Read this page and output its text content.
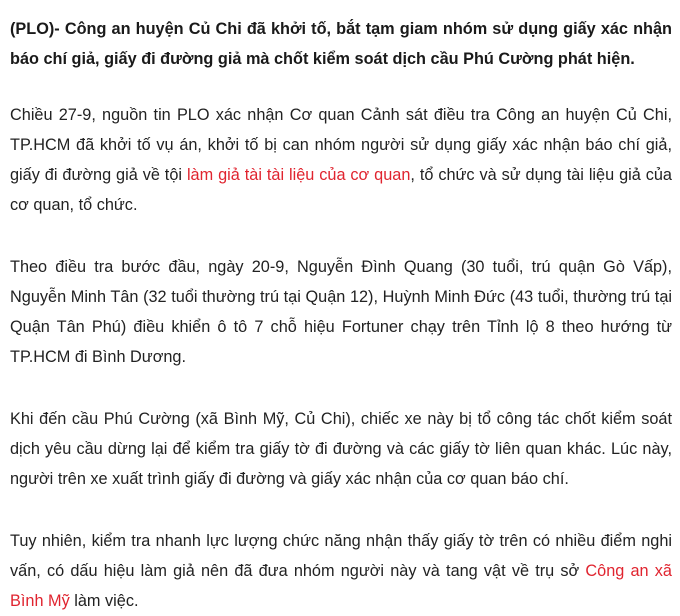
(PLO)- Công an huyện Củ Chi đã khởi tố, bắt tạm giam nhóm sử dụng giấy xác nhận báo chí giả, giấy đi đường giả mà chốt kiểm soát dịch cầu Phú Cường phát hiện.

Chiều 27-9, nguồn tin PLO xác nhận Cơ quan Cảnh sát điều tra Công an huyện Củ Chi, TP.HCM đã khởi tố vụ án, khởi tố bị can nhóm người sử dụng giấy xác nhận báo chí giả, giấy đi đường giả về tội làm giả tài tài liệu của cơ quan, tổ chức và sử dụng tài liệu giả của cơ quan, tổ chức.

Theo điều tra bước đầu, ngày 20-9, Nguyễn Đình Quang (30 tuổi, trú quận Gò Vấp), Nguyễn Minh Tân (32 tuổi thường trú tại Quận 12), Huỳnh Minh Đức (43 tuổi, thường trú tại Quận Tân Phú) điều khiển ô tô 7 chỗ hiệu Fortuner chạy trên Tỉnh lộ 8 theo hướng từ TP.HCM đi Bình Dương.

Khi đến cầu Phú Cường (xã Bình Mỹ, Củ Chi), chiếc xe này bị tổ công tác chốt kiểm soát dịch yêu cầu dừng lại để kiểm tra giấy tờ đi đường và các giấy tờ liên quan khác. Lúc này, người trên xe xuất trình giấy đi đường và giấy xác nhận của cơ quan báo chí.

Tuy nhiên, kiểm tra nhanh lực lượng chức năng nhận thấy giấy tờ trên có nhiều điểm nghi vấn, có dấu hiệu làm giả nên đã đưa nhóm người này và tang vật về trụ sở Công an xã Bình Mỹ làm việc.
